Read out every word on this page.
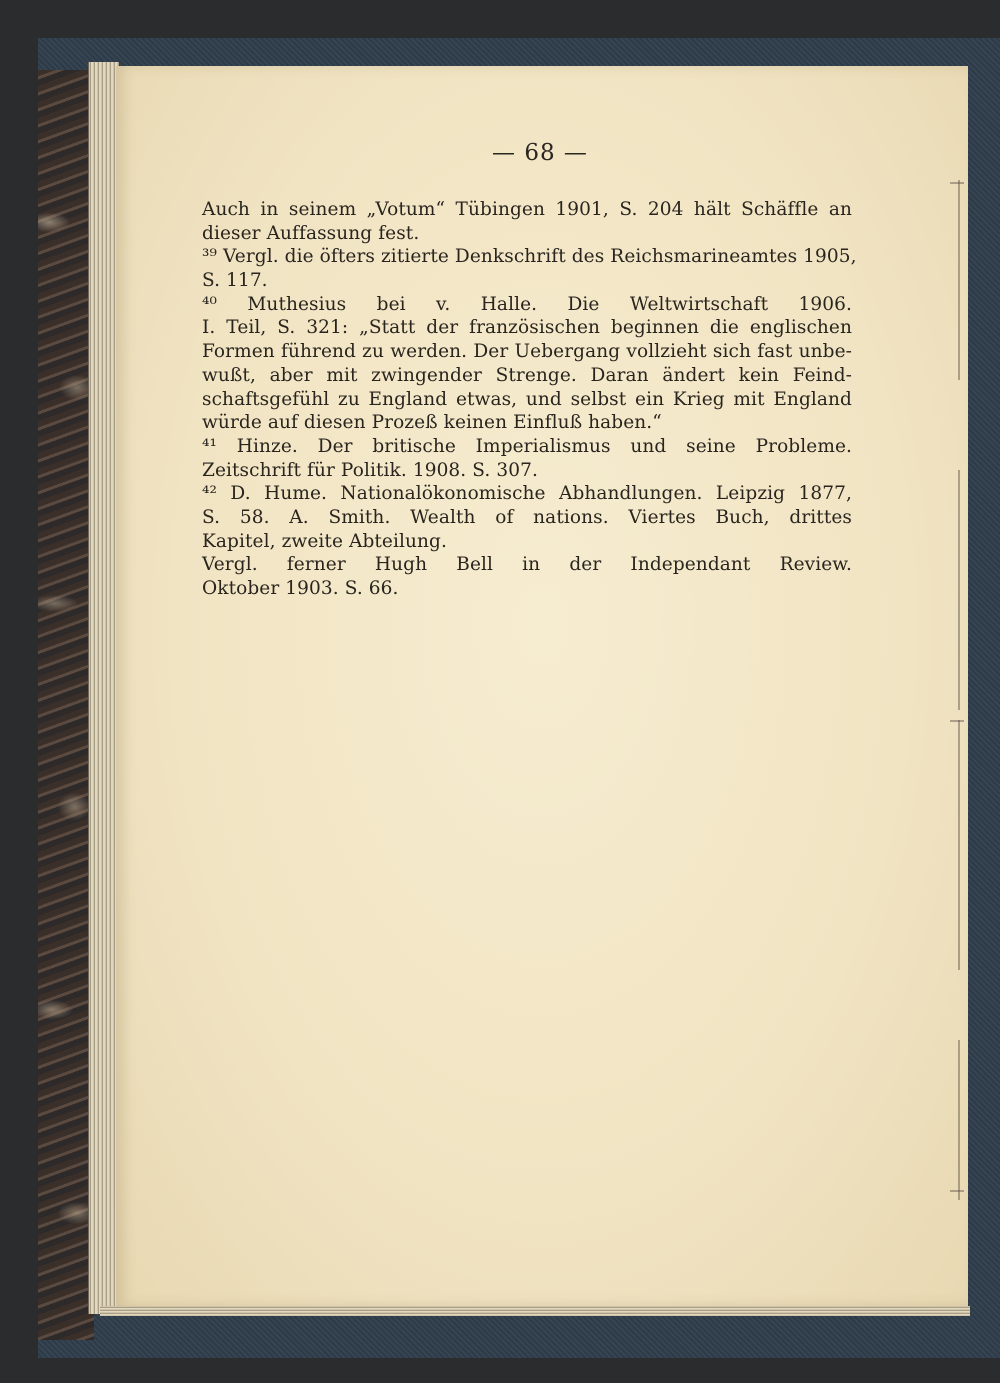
— 68 —
Auch in seinem „Votum“ Tübingen 1901, S. 204 hält Schäffle an
dieser Auffassung fest.
³⁹ Vergl. die öfters zitierte Denkschrift des Reichsmarineamtes 1905,
S. 117.
⁴⁰ Muthesius bei v. Halle. Die Weltwirtschaft 1906.
I. Teil, S. 321: „Statt der französischen beginnen die englischen
Formen führend zu werden. Der Uebergang vollzieht sich fast unbe-
wußt, aber mit zwingender Strenge. Daran ändert kein Feind-
schaftsgefühl zu England etwas, und selbst ein Krieg mit England
würde auf diesen Prozeß keinen Einfluß haben.“
⁴¹ Hinze. Der britische Imperialismus und seine Probleme.
Zeitschrift für Politik. 1908. S. 307.
⁴² D. Hume. Nationalökonomische Abhandlungen. Leipzig 1877,
S. 58. A. Smith. Wealth of nations. Viertes Buch, drittes
Kapitel, zweite Abteilung.
Vergl. ferner Hugh Bell in der Independant Review.
Oktober 1903. S. 66.
